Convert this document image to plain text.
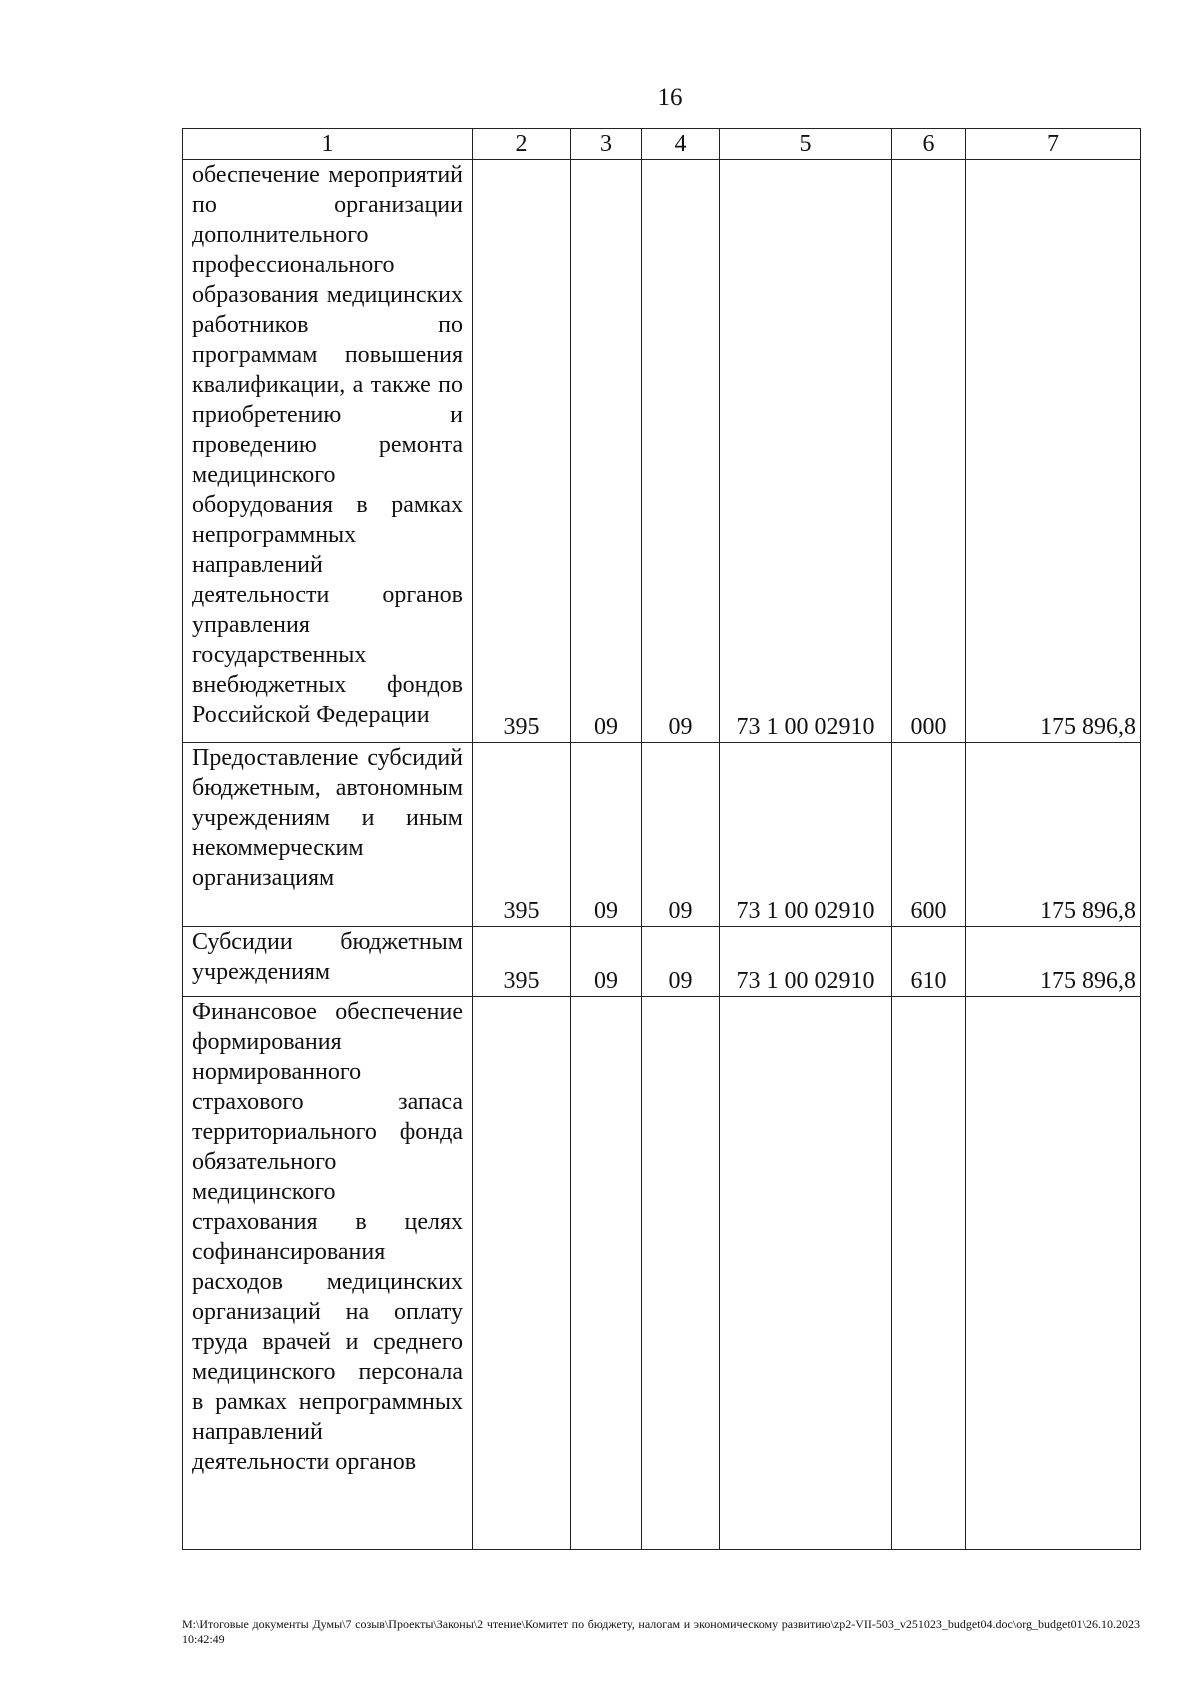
16
1	2	3	4	5	6	7
обеспечение мероприятий по организации дополнительного профессионального образования медицинских работников по программам повышения квалификации, а также по приобретению и проведению ремонта медицинского оборудования в рамках непрограммных направлений деятельности органов управления государственных внебюджетных фондов Российской Федерации	395	09	09	73 1 00 02910	000	175 896,8
Предоставление субсидий бюджетным, автономным учреждениям и иным некоммерческим организациям	395	09	09	73 1 00 02910	600	175 896,8
Субсидии бюджетным учреждениям	395	09	09	73 1 00 02910	610	175 896,8
Финансовое обеспечение формирования нормированного страхового запаса территориального фонда обязательного медицинского страхования в целях софинансирования расходов медицинских организаций на оплату труда врачей и среднего медицинского персонала в рамках непрограммных направлений деятельности органов						
M:\Итоговые документы Думы\7 созыв\Проекты\Законы\2 чтение\Комитет по бюджету, налогам и экономическому развитию\zp2-VII-503_v251023_budget04.doc\org_budget01\26.10.2023 10:42:49
